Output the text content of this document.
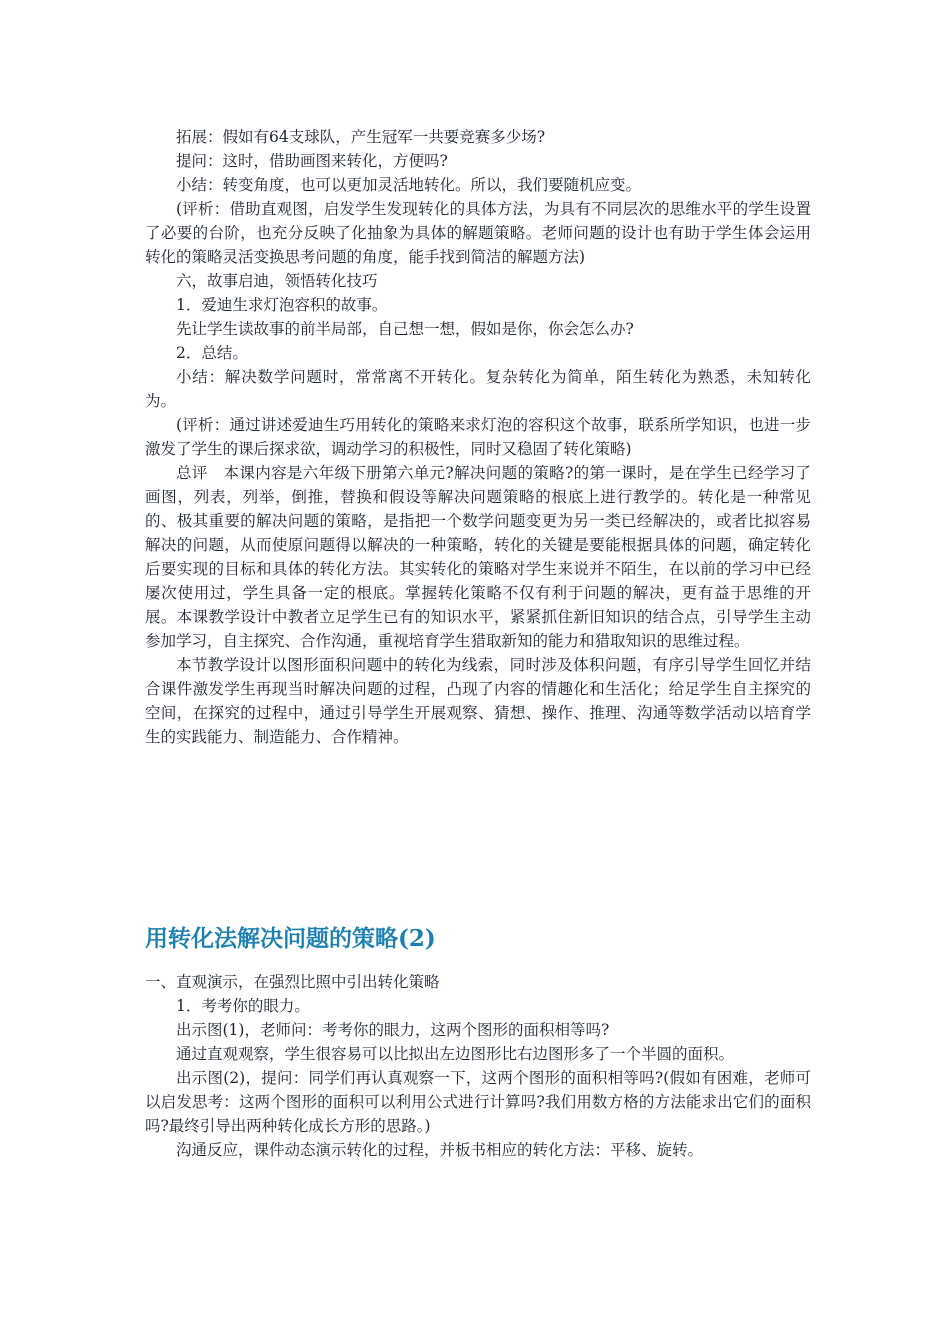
拓展：假如有64支球队，产生冠军一共要竞赛多少场?

提问：这时，借助画图来转化，方便吗?

小结：转变角度，也可以更加灵活地转化。所以，我们要随机应变。

(评析：借助直观图，启发学生发现转化的具体方法，为具有不同层次的思维水平的学生设置了必要的台阶，也充分反映了化抽象为具体的解题策略。老师问题的设计也有助于学生体会运用转化的策略灵活变换思考问题的角度，能手找到简洁的解题方法)

六，故事启迪，领悟转化技巧

1．爱迪生求灯泡容积的故事。

先让学生读故事的前半局部，自己想一想，假如是你，你会怎么办?

2．总结。

小结：解决数学问题时，常常离不开转化。复杂转化为简单，陌生转化为熟悉，未知转化为。

(评析：通过讲述爱迪生巧用转化的策略来求灯泡的容积这个故事，联系所学知识，也进一步激发了学生的课后探求欲，调动学习的积极性，同时又稳固了转化策略)

总评　本课内容是六年级下册第六单元?解决问题的策略?的第一课时，是在学生已经学习了画图，列表，列举，倒推，替换和假设等解决问题策略的根底上进行教学的。转化是一种常见的、极其重要的解决问题的策略，是指把一个数学问题变更为另一类已经解决的，或者比拟容易解决的问题，从而使原问题得以解决的一种策略，转化的关键是要能根据具体的问题，确定转化后要实现的目标和具体的转化方法。其实转化的策略对学生来说并不陌生，在以前的学习中已经屡次使用过，学生具备一定的根底。掌握转化策略不仅有利于问题的解决，更有益于思维的开展。本课教学设计中教者立足学生已有的知识水平，紧紧抓住新旧知识的结合点，引导学生主动参加学习，自主探究、合作沟通，重视培育学生猎取新知的能力和猎取知识的思维过程。

本节教学设计以图形面积问题中的转化为线索，同时涉及体积问题，有序引导学生回忆并结合课件激发学生再现当时解决问题的过程，凸现了内容的情趣化和生活化；给足学生自主探究的空间，在探究的过程中，通过引导学生开展观察、猜想、操作、推理、沟通等数学活动以培育学生的实践能力、制造能力、合作精神。

用转化法解决问题的策略(2)

一、直观演示，在强烈比照中引出转化策略

1．考考你的眼力。

出示图(1)，老师问：考考你的眼力，这两个图形的面积相等吗?

通过直观观察，学生很容易可以比拟出左边图形比右边图形多了一个半圆的面积。

出示图(2)，提问：同学们再认真观察一下，这两个图形的面积相等吗?(假如有困难，老师可以启发思考：这两个图形的面积可以利用公式进行计算吗?我们用数方格的方法能求出它们的面积吗?最终引导出两种转化成长方形的思路。)

沟通反应，课件动态演示转化的过程，并板书相应的转化方法：平移、旋转。
